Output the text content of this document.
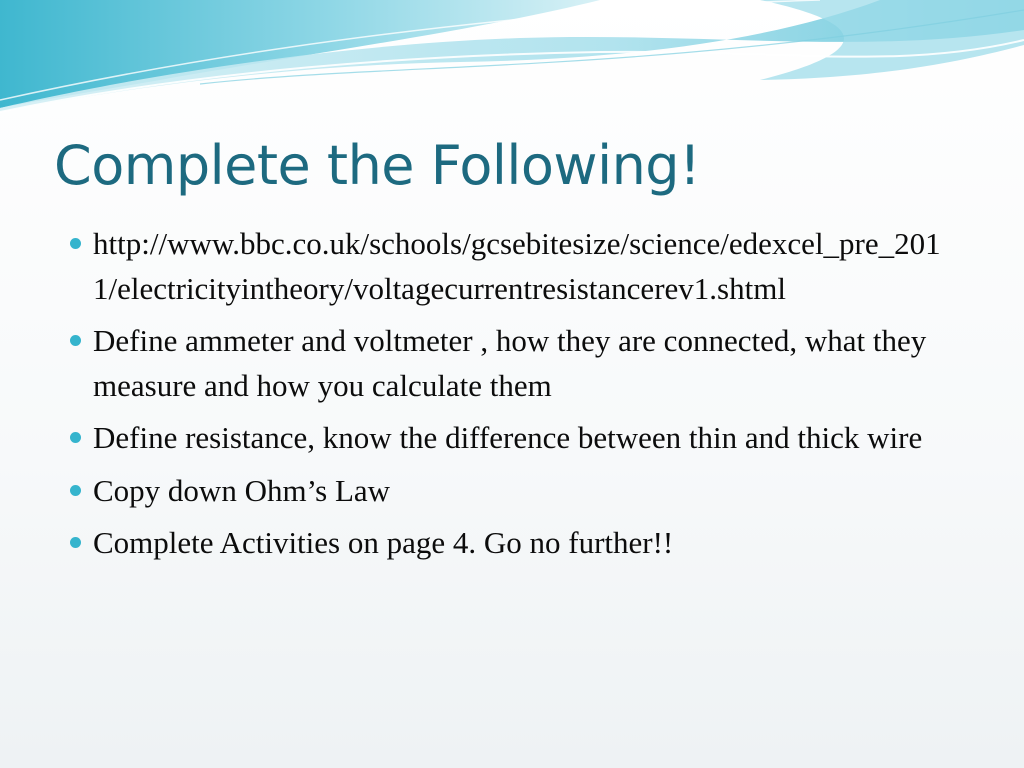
Complete the Following!
http://www.bbc.co.uk/schools/gcsebitesize/science/edexcel_pre_2011/electricityintheory/voltagecurrentresistancerev1.shtml
Define ammeter and voltmeter , how they are connected, what they measure and how you calculate them
Define resistance, know the difference between thin and thick wire
Copy down Ohm’s Law
Complete Activities on page 4. Go no further!!
